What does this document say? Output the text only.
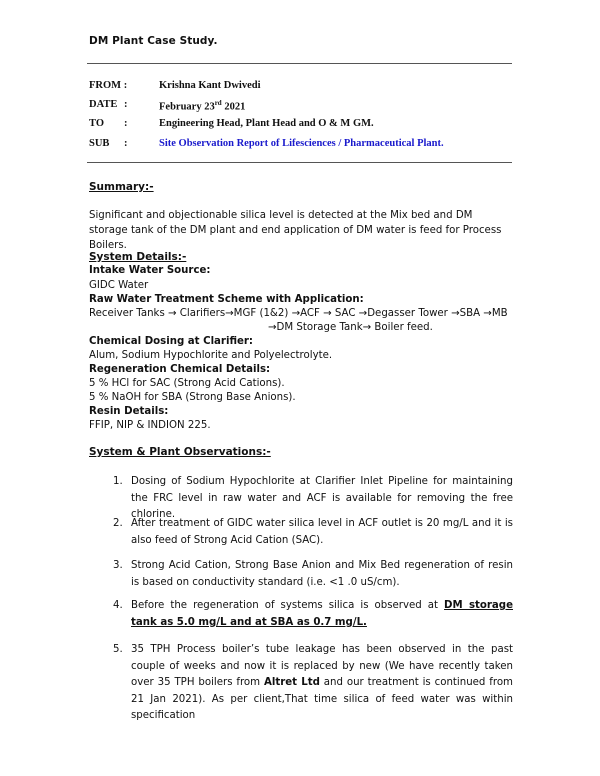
DM Plant Case Study.
FROM :	Krishna Kant Dwivedi
DATE :	February 23rd 2021
TO	:	Engineering Head, Plant Head and O & M GM.
SUB	:	Site Observation Report of Lifesciences / Pharmaceutical Plant.
Summary:-
Significant and objectionable silica level is detected at the Mix bed and DM storage tank of the DM plant and end application of DM water is feed for Process Boilers.
System Details:-
Intake Water Source:
GIDC Water
Raw Water Treatment Scheme with Application:
Receiver Tanks → Clarifiers→MGF (1&2) →ACF → SAC →Degasser Tower →SBA →MB
→DM Storage Tank→ Boiler feed.
Chemical Dosing at Clarifier:
Alum, Sodium Hypochlorite and Polyelectrolyte.
Regeneration Chemical Details:
5 % HCl for SAC (Strong Acid Cations).
5 % NaOH for SBA (Strong Base Anions).
Resin Details:
FFIP, NIP & INDION 225.
System & Plant Observations:-
1. Dosing of Sodium Hypochlorite at Clarifier Inlet Pipeline for maintaining the FRC level in raw water and ACF is available for removing the free chlorine.
2. After treatment of GIDC water silica level in ACF outlet is 20 mg/L and it is also feed of Strong Acid Cation (SAC).
3. Strong Acid Cation, Strong Base Anion and Mix Bed regeneration of resin is based on conductivity standard (i.e. <1 .0 uS/cm).
4. Before the regeneration of systems silica is observed at DM storage tank as 5.0 mg/L and at SBA as 0.7 mg/L.
5. 35 TPH Process boiler’s tube leakage has been observed in the past couple of weeks and now it is replaced by new (We have recently taken over 35 TPH boilers from Altret Ltd and our treatment is continued from 21 Jan 2021). As per client,That time silica of feed water was within specification
